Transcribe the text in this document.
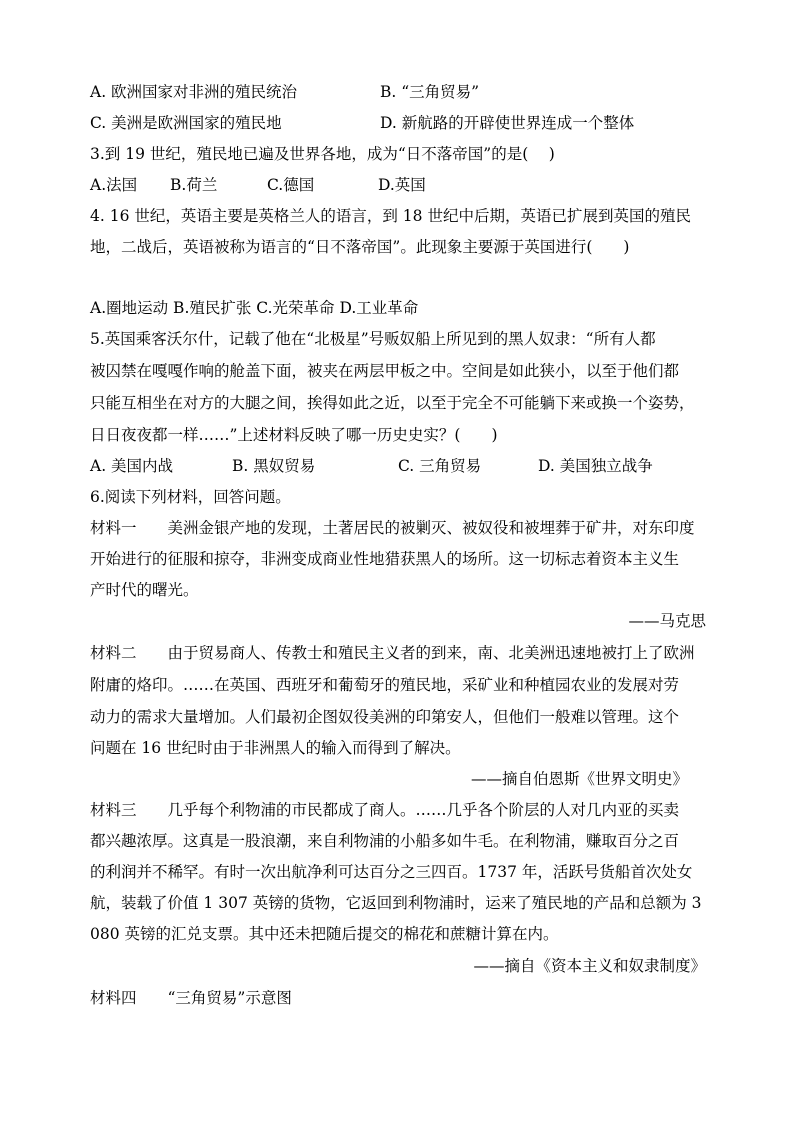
A. 欧洲国家对非洲的殖民统治	B. “三角贸易”
C. 美洲是欧洲国家的殖民地	D. 新航路的开辟使世界连成一个整体
3.到 19 世纪，殖民地已遍及世界各地，成为“日不落帝国”的是(　 )
A.法国 B.荷兰	C.德国	D.英国
4. 16 世纪，英语主要是英格兰人的语言，到 18 世纪中后期，英语已扩展到英国的殖民
地，二战后，英语被称为语言的“日不落帝国”。此现象主要源于英国进行(　　)
A.圈地运动 B.殖民扩张 C.光荣革命 D.工业革命
5.英国乘客沃尔什，记载了他在“北极星”号贩奴船上所见到的黑人奴隶：“所有人都
被囚禁在嘎嘎作响的舱盖下面，被夹在两层甲板之中。空间是如此狭小，以至于他们都
只能互相坐在对方的大腿之间，挨得如此之近，以至于完全不可能躺下来或换一个姿势，
日日夜夜都一样……”上述材料反映了哪一历史史实？(　　)
A. 美国内战	B. 黑奴贸易	C. 三角贸易	D. 美国独立战争
6.阅读下列材料，回答问题。
材料一　　美洲金银产地的发现，土著居民的被剿灭、被奴役和被埋葬于矿井，对东印度
开始进行的征服和掠夺，非洲变成商业性地猎获黑人的场所。这一切标志着资本主义生
产时代的曙光。
——马克思
材料二　　由于贸易商人、传教士和殖民主义者的到来，南、北美洲迅速地被打上了欧洲
附庸的烙印。……在英国、西班牙和葡萄牙的殖民地，采矿业和种植园农业的发展对劳
动力的需求大量增加。人们最初企图奴役美洲的印第安人，但他们一般难以管理。这个
问题在 16 世纪时由于非洲黑人的输入而得到了解决。
——摘自伯恩斯《世界文明史》
材料三　　几乎每个利物浦的市民都成了商人。……几乎各个阶层的人对几内亚的买卖
都兴趣浓厚。这真是一股浪潮，来自利物浦的小船多如牛毛。在利物浦，赚取百分之百
的利润并不稀罕。有时一次出航净利可达百分之三四百。1737 年，活跃号货船首次处女
航，装载了价值 1 307 英镑的货物，它返回到利物浦时，运来了殖民地的产品和总额为 3
080 英镑的汇兑支票。其中还未把随后提交的棉花和蔗糖计算在内。
——摘自《资本主义和奴隶制度》
材料四　　“三角贸易”示意图
